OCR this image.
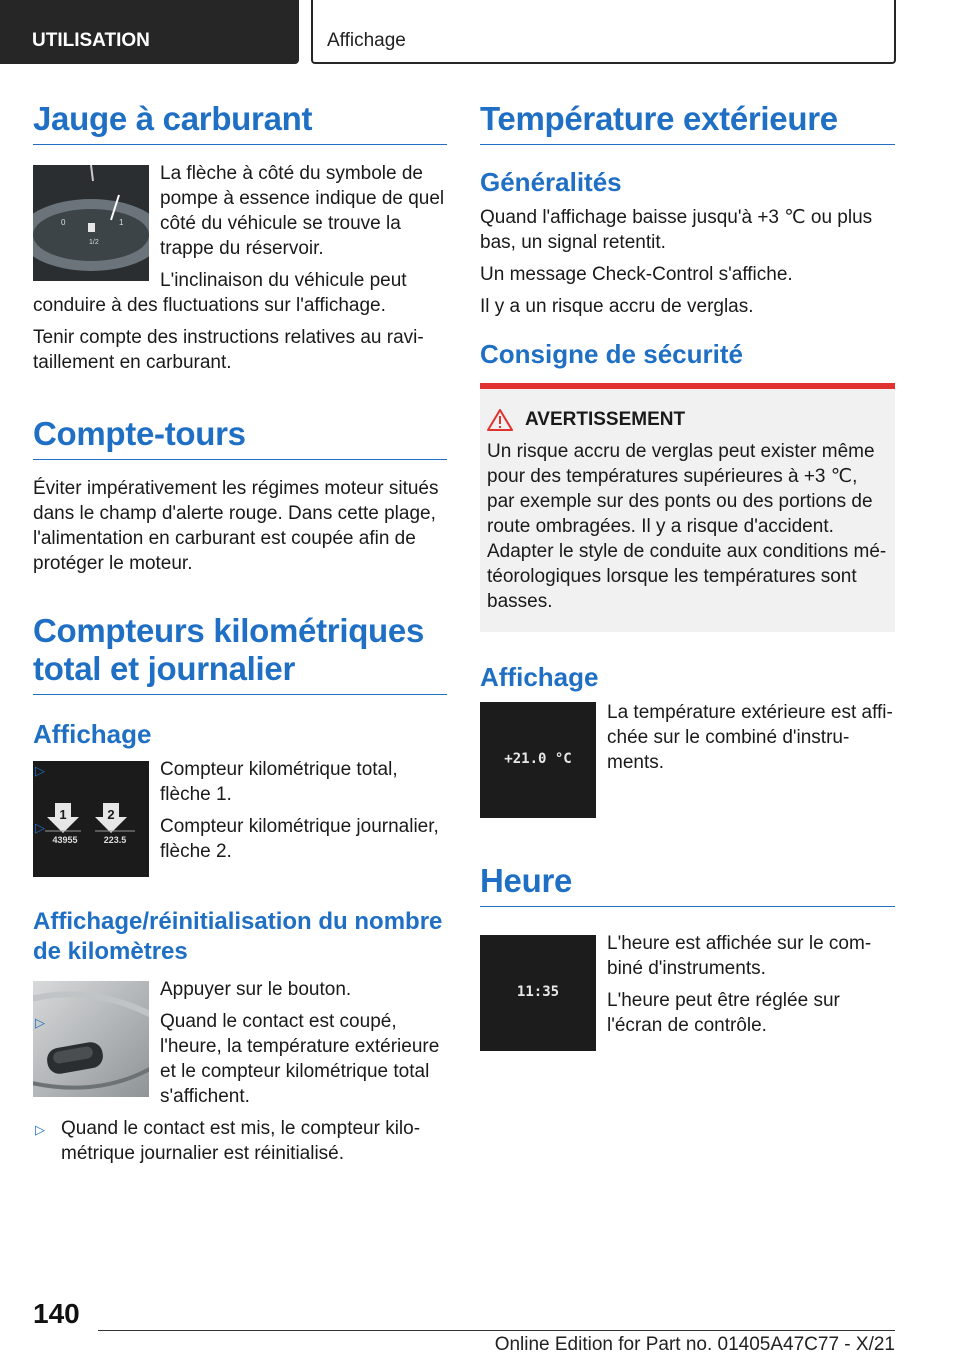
UTILISATION	Affichage
Jauge à carburant
0	1
1/2

La flèche à côté du symbole de pompe à essence indique de quel côté du véhicule se trouve la trappe du réservoir.

L'inclinaison du véhicule peut conduire à des fluctuations sur l'affichage.

Tenir compte des instructions relatives au ravitaillement en carburant.

Compte-tours

Éviter impérativement les régimes moteur situés dans le champ d'alerte rouge. Dans cette plage, l'alimentation en carburant est coupée afin de protéger le moteur.

Compteurs kilométriques total et journalier
Affichage
1	2
43955	223.5
▷	Compteur kilométrique total, flèche 1.
▷	Compteur kilométrique journalier, flèche 2.
Affichage/réinitialisation du nombre de kilomètres

Appuyer sur le bouton.

▷	Quand le contact est coupé, l'heure, la température extérieure et le compteur kilométrique total s'affichent.
▷ Quand le contact est mis, le compteur kilométrique journalier est réinitialisé.
Température extérieure
Généralités

Quand l'affichage baisse jusqu'à +3 ℃ ou plus bas, un signal retentit.

Un message Check-Control s'affiche.

Il y a un risque accru de verglas.

Consigne de sécurité
AVERTISSEMENT

Un risque accru de verglas peut exister même pour des températures supérieures à +3 ℃, par exemple sur des ponts ou des portions de route ombragées. Il y a risque d'accident. Adapter le style de conduite aux conditions météorologiques lorsque les températures sont basses.

Affichage
+21.0 °C

La température extérieure est affichée sur le combiné d'instruments.

Heure
11:35

L'heure est affichée sur le combiné d'instruments.

L'heure peut être réglée sur l'écran de contrôle.

140
Online Edition for Part no. 01405A47C77 - X/21
